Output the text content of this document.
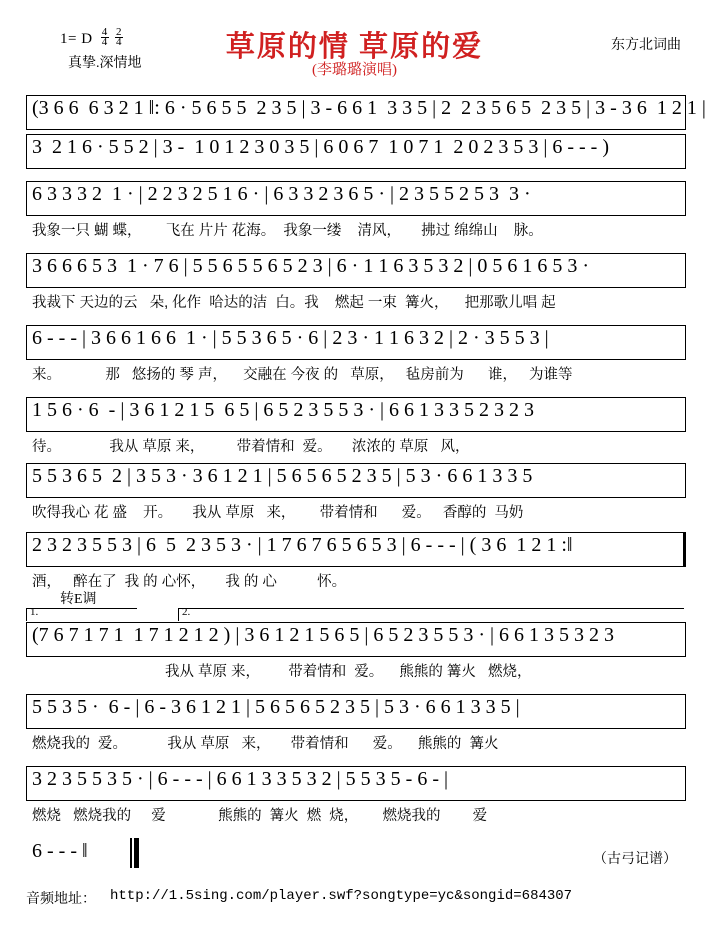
1= D $\frac{4}{4}$
$\frac{2}{4}$
真挚.深情地
草原的情 草原的爱
(李璐璐演唱)
东方北词曲
(3 6 6  6 3 2 1 ‖: 6 · 5 6 5 5  2 3 5 | 3 - 6 6 1  3 3 5 | 2  2 3 5 6 5  2 3 5 | 3 - 3 6  1 2 1 |
3  2 1 6 · 5 5 2 | 3 -  1 0 1 2 3 0 3 5 | 6 0 6 7  1 0 7 1  2 0 2 3 5 3 | 6 - - - )
6 3 3 3 2  1 · | 2 2 3 2 5 1 6 · | 6 3 3 2 3 6 5 · | 2 3 5 5 2 5 3  3 ·
我象一只 蝴 蝶，      飞在 片片 花海。  我象一缕    清风，     拂过 绵绵山    脉。
3 6 6 6 5 3  1 · 7 6 | 5 5 6 5 5 6 5 2 3 | 6 · 1 1 6 3 5 3 2 | 0 5 6 1 6 5 3 ·
我裁下 天边的云   朵, 化作  哈达的洁  白。我    燃起 一束  篝火，    把那歌儿唱 起
6 - - - | 3 6 6 1 6 6  1 · | 5 5 3 6 5 · 6 | 2 3 · 1 1 6 3 2 | 2 · 3 5 5 3 |
来。           那   悠扬的 琴 声，    交融在 今夜 的   草原，   毡房前为      谁，   为谁等
1 5 6 · 6  - | 3 6 1 2 1 5  6 5 | 6 5 2 3 5 5 3 · | 6 6 1 3 3 5 2 3 2 3
待。            我从 草原 来，        带着情和  爱。     浓浓的 草原   风，
5 5 3 6 5  2 | 3 5 3 · 3 6 1 2 1 | 5 6 5 6 5 2 3 5 | 5 3 · 6 6 1 3 3 5
吹得我心 花 盛    开。     我从 草原   来，      带着情和      爱。   香醇的  马奶
2 3 2 3 5 5 3 | 6  5  2 3 5 3 · | 1 7 6 7 6 5 6 5 3 | 6 - - - | ( 3 6  1 2 1 :‖
酒，   醉在了  我 的 心怀，     我 的 心          怀。
转E调
1.	2.
(7 6 7 1 7 1  1 7 1 2 1 2 ) | 3 6 1 2 1 5 6 5 | 6 5 2 3 5 5 3 · | 6 6 1 3 5 3 2 3
我从 草原 来，       带着情和  爱。    熊熊的 篝火   燃烧，
5 5 3 5 ·  6 - | 6 - 3 6 1 2 1 | 5 6 5 6 5 2 3 5 | 5 3 · 6 6 1 3 3 5 |
燃烧我的  爱。          我从 草原   来，     带着情和      爱。    熊熊的  篝火
3 2 3 5 5 3 5 · | 6 - - - | 6 6 1 3 3 5 3 2 | 5 5 3 5 - 6 - |
燃烧   燃烧我的     爱             熊熊的  篝火  燃  烧，      燃烧我的        爱
6 - - - ‖	（古弓记谱）
音频地址： http://1.5sing.com/player.swf?songtype=yc&songid=684307
